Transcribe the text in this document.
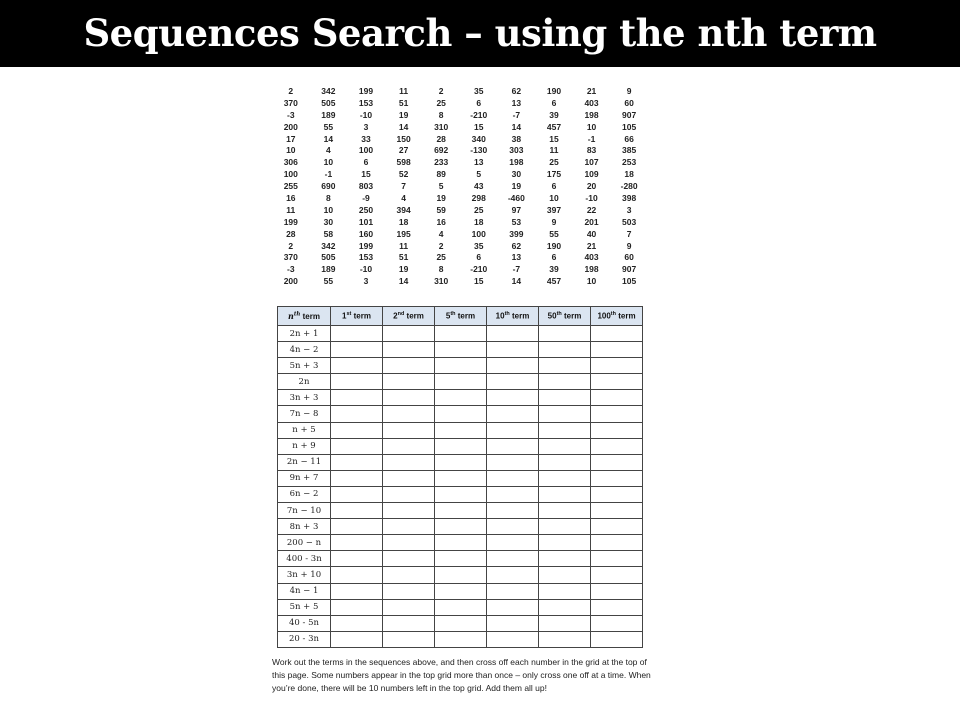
Sequences Search – using the nth term
2	342	199	11	2	35	62	190	21	9
370	505	153	51	25	6	13	6	403	60
-3	189	-10	19	8	-210	-7	39	198	907
200	55	3	14	310	15	14	457	10	105
17	14	33	150	28	340	38	15	-1	66
10	4	100	27	692	-130	303	11	83	385
306	10	6	598	233	13	198	25	107	253
100	-1	15	52	89	5	30	175	109	18
255	690	803	7	5	43	19	6	20	-280
16	8	-9	4	19	298	-460	10	-10	398
11	10	250	394	59	25	97	397	22	3
199	30	101	18	16	18	53	9	201	503
28	58	160	195	4	100	399	55	40	7
2	342	199	11	2	35	62	190	21	9
370	505	153	51	25	6	13	6	403	60
-3	189	-10	19	8	-210	-7	39	198	907
200	55	3	14	310	15	14	457	10	105
$n^{th}$ term	1st term	2nd term	5th term	10th term	50th term	100th term
2n + 1						
4n − 2						
5n + 3						
2n						
3n + 3						
7n − 8						
n + 5						
n + 9						
2n − 11						
9n + 7						
6n − 2						
7n − 10						
8n + 3						
200 − n						
400 - 3n						
3n + 10						
4n − 1						
5n + 5						
40 - 5n						
20 - 3n						
Work out the terms in the sequences above, and then cross off each number in the grid at the top of this page. Some numbers appear in the top grid more than once – only cross one off at a time. When you’re done, there will be 10 numbers left in the top grid. Add them all up!
